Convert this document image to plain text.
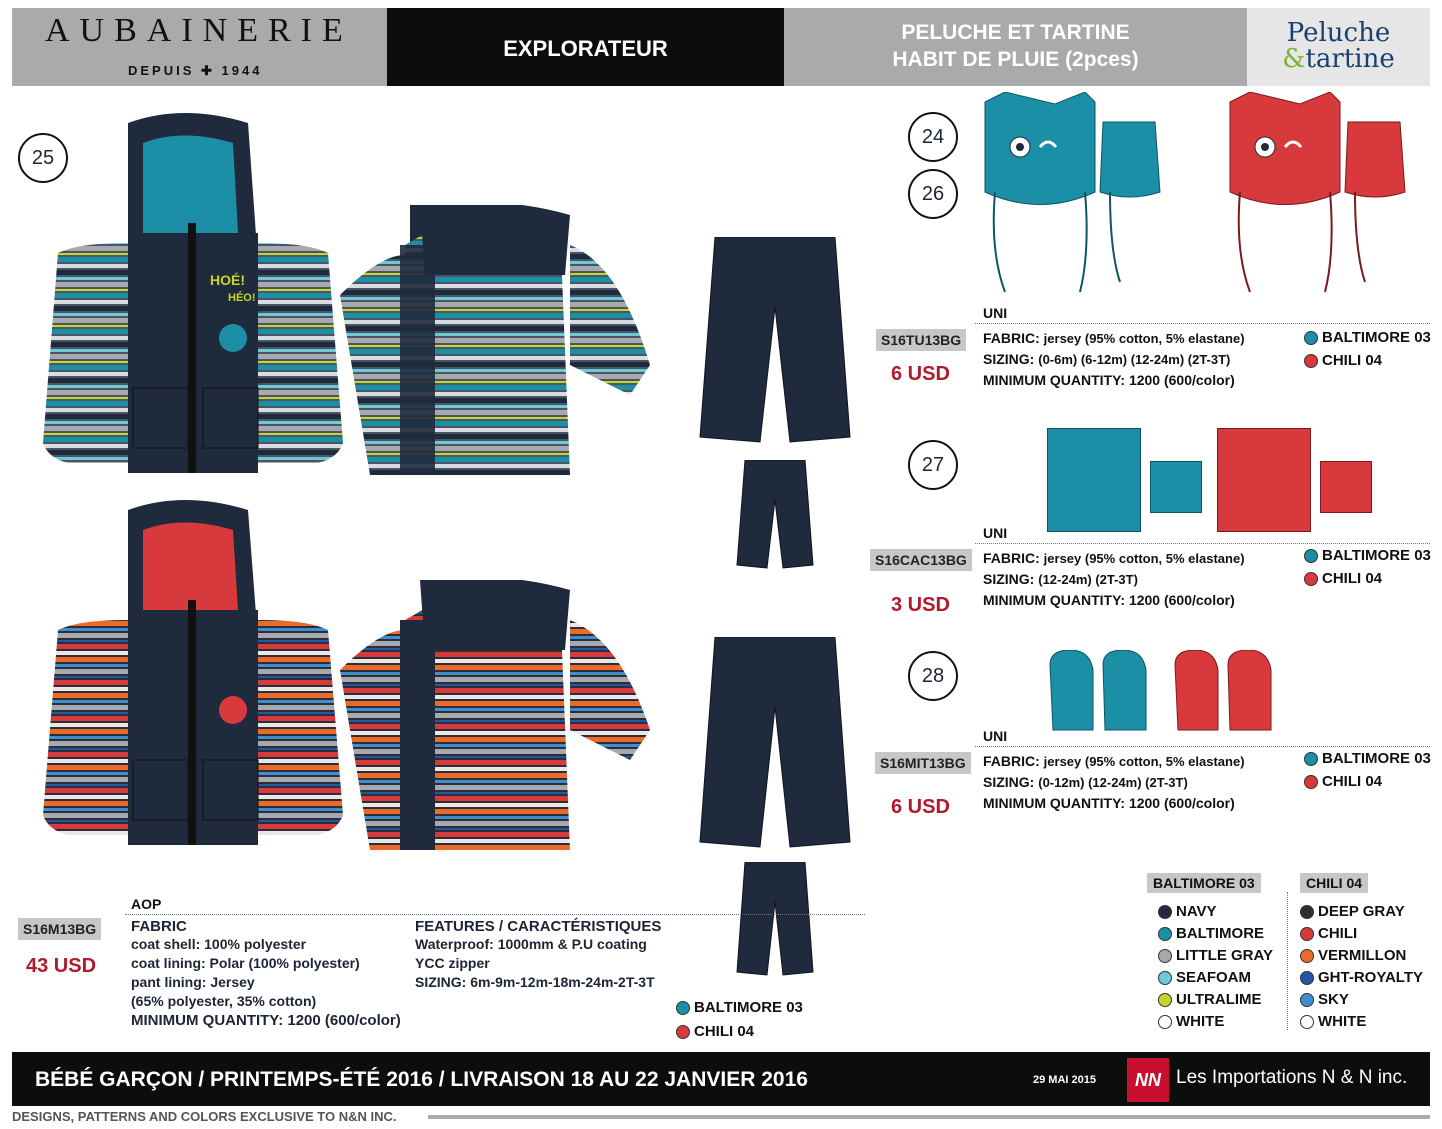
AUBAINERIE
DEPUIS ✚ 1944
EXPLORATEUR
PELUCHE ET TARTINE
HABIT DE PLUIE (2pces)
Peluche
&tartine
25
24
26
27
28
HOÉ!
HÉO!
UNI
S16TU13BG
6 USD
FABRIC: jersey (95% cotton, 5% elastane)
SIZING: (0-6m) (6-12m) (12-24m) (2T-3T)
MINIMUM QUANTITY: 1200 (600/color)
BALTIMORE 03
CHILI 04
UNI
S16CAC13BG
3 USD
FABRIC: jersey (95% cotton, 5% elastane)
SIZING: (12-24m) (2T-3T)
MINIMUM QUANTITY: 1200 (600/color)
BALTIMORE 03
CHILI 04
UNI
S16MIT13BG
6 USD
FABRIC: jersey (95% cotton, 5% elastane)
SIZING: (0-12m) (12-24m) (2T-3T)
MINIMUM QUANTITY: 1200 (600/color)
BALTIMORE 03
CHILI 04
AOP
S16M13BG
43 USD
FABRIC
coat shell: 100% polyester
coat lining: Polar (100% polyester)
pant lining: Jersey
(65% polyester, 35% cotton)
MINIMUM QUANTITY: 1200 (600/color)
FEATURES / CARACTÉRISTIQUES
Waterproof: 1000mm & P.U coating
YCC zipper
SIZING: 6m-9m-12m-18m-24m-2T-3T
BALTIMORE 03
CHILI 04
BALTIMORE 03	CHILI 04
NAVY
BALTIMORE
LITTLE GRAY
SEAFOAM
ULTRALIME
WHITE
DEEP GRAY
CHILI
VERMILLON
GHT-ROYALTY
SKY
WHITE
BÉBÉ GARÇON / PRINTEMPS-ÉTÉ 2016 / LIVRAISON 18 AU 22 JANVIER 2016	29 MAI 2015	NN Les Importations N & N inc.
DESIGNS, PATTERNS AND COLORS EXCLUSIVE TO N&N INC.
